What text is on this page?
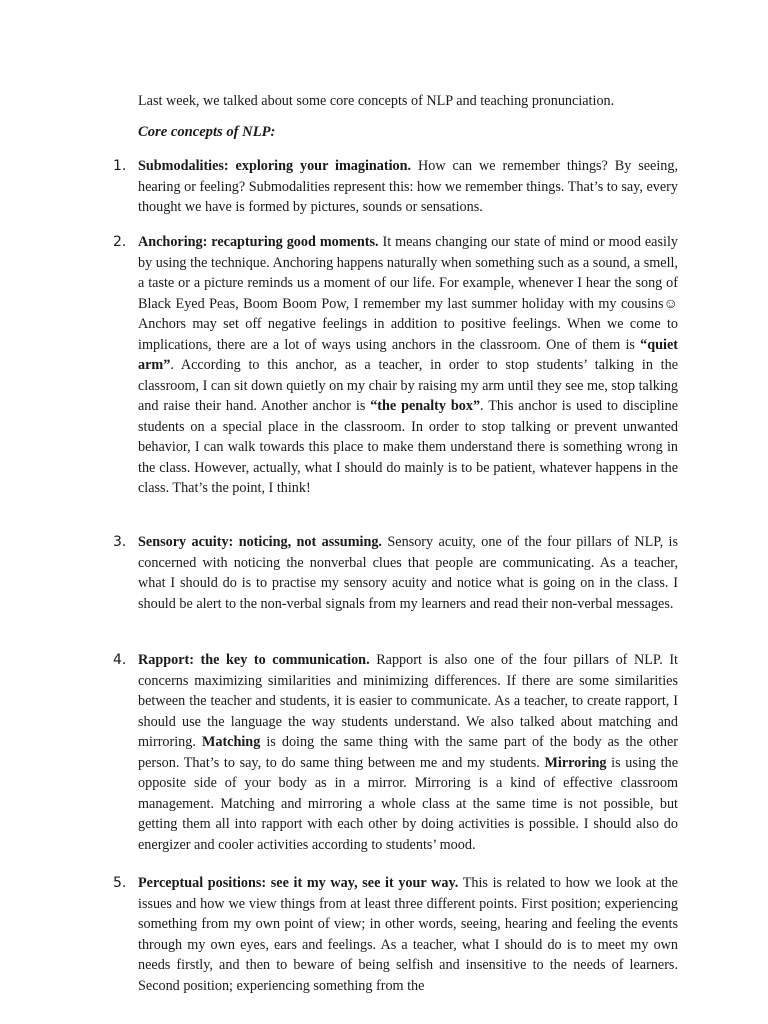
Last week, we talked about some core concepts of NLP and teaching pronunciation.

Core concepts of NLP:

1. Submodalities: exploring your imagination. How can we remember things? By seeing, hearing or feeling? Submodalities represent this: how we remember things. That’s to say, every thought we have is formed by pictures, sounds or sensations.
2. Anchoring: recapturing good moments. It means changing our state of mind or mood easily by using the technique. Anchoring happens naturally when something such as a sound, a smell, a taste or a picture reminds us a moment of our life. For example, whenever I hear the song of Black Eyed Peas, Boom Boom Pow, I remember my last summer holiday with my cousins☺ Anchors may set off negative feelings in addition to positive feelings. When we come to implications, there are a lot of ways using anchors in the classroom. One of them is “quiet arm”. According to this anchor, as a teacher, in order to stop students’ talking in the classroom, I can sit down quietly on my chair by raising my arm until they see me, stop talking and raise their hand. Another anchor is “the penalty box”. This anchor is used to discipline students on a special place in the classroom. In order to stop talking or prevent unwanted behavior, I can walk towards this place to make them understand there is something wrong in the class. However, actually, what I should do mainly is to be patient, whatever happens in the class. That’s the point, I think!
3. Sensory acuity: noticing, not assuming. Sensory acuity, one of the four pillars of NLP, is concerned with noticing the nonverbal clues that people are communicating. As a teacher, what I should do is to practise my sensory acuity and notice what is going on in the class. I should be alert to the non-verbal signals from my learners and read their non-verbal messages.
4. Rapport: the key to communication. Rapport is also one of the four pillars of NLP. It concerns maximizing similarities and minimizing differences. If there are some similarities between the teacher and students, it is easier to communicate. As a teacher, to create rapport, I should use the language the way students understand. We also talked about matching and mirroring. Matching is doing the same thing with the same part of the body as the other person. That’s to say, to do same thing between me and my students. Mirroring is using the opposite side of your body as in a mirror. Mirroring is a kind of effective classroom management. Matching and mirroring a whole class at the same time is not possible, but getting them all into rapport with each other by doing activities is possible. I should also do energizer and cooler activities according to students’ mood.
5. Perceptual positions: see it my way, see it your way. This is related to how we look at the issues and how we view things from at least three different points. First position; experiencing something from my own point of view; in other words, seeing, hearing and feeling the events through my own eyes, ears and feelings. As a teacher, what I should do is to meet my own needs firstly, and then to beware of being selfish and insensitive to the needs of learners. Second position; experiencing something from the
